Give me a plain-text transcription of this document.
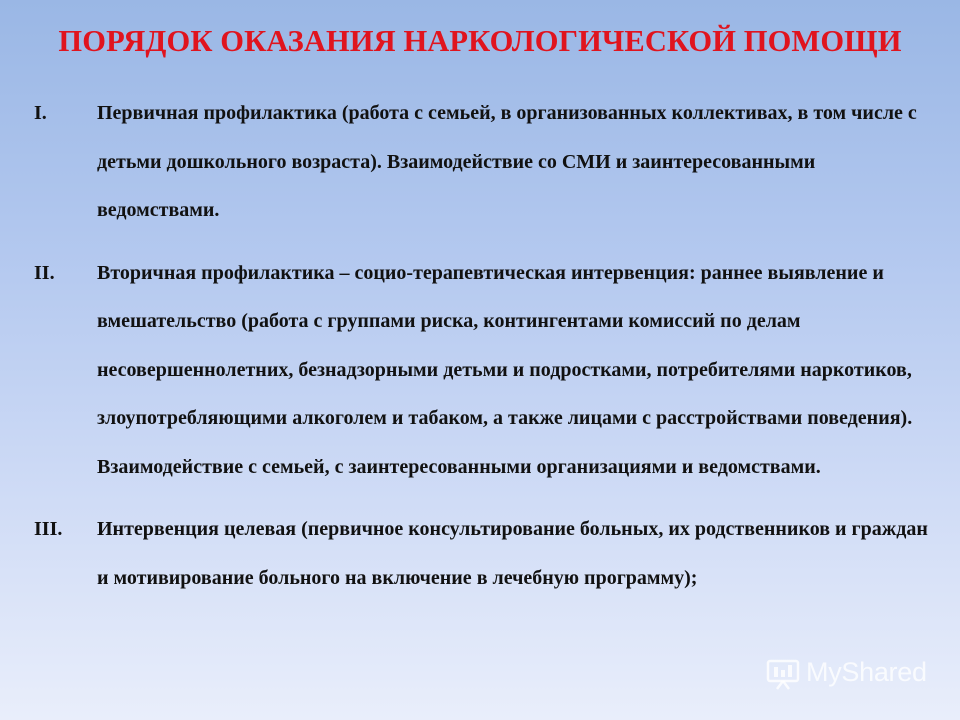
ПОРЯДОК ОКАЗАНИЯ НАРКОЛОГИЧЕСКОЙ ПОМОЩИ
I.	Первичная профилактика (работа с семьей, в организованных коллективах, в том числе с детьми дошкольного возраста). Взаимодействие со СМИ и заинтересованными ведомствами.
II. Вторичная профилактика – социо-терапевтическая интервенция: раннее выявление и вмешательство (работа с группами риска, контингентами комиссий по делам несовершеннолетних, безнадзорными детьми и подростками, потребителями наркотиков, злоупотребляющими алкоголем и табаком, а также лицами с расстройствами поведения). Взаимодействие с семьей, с заинтересованными организациями и ведомствами.
III. Интервенция целевая (первичное консультирование больных, их родственников и граждан и мотивирование больного на включение в лечебную программу);
MyShared
